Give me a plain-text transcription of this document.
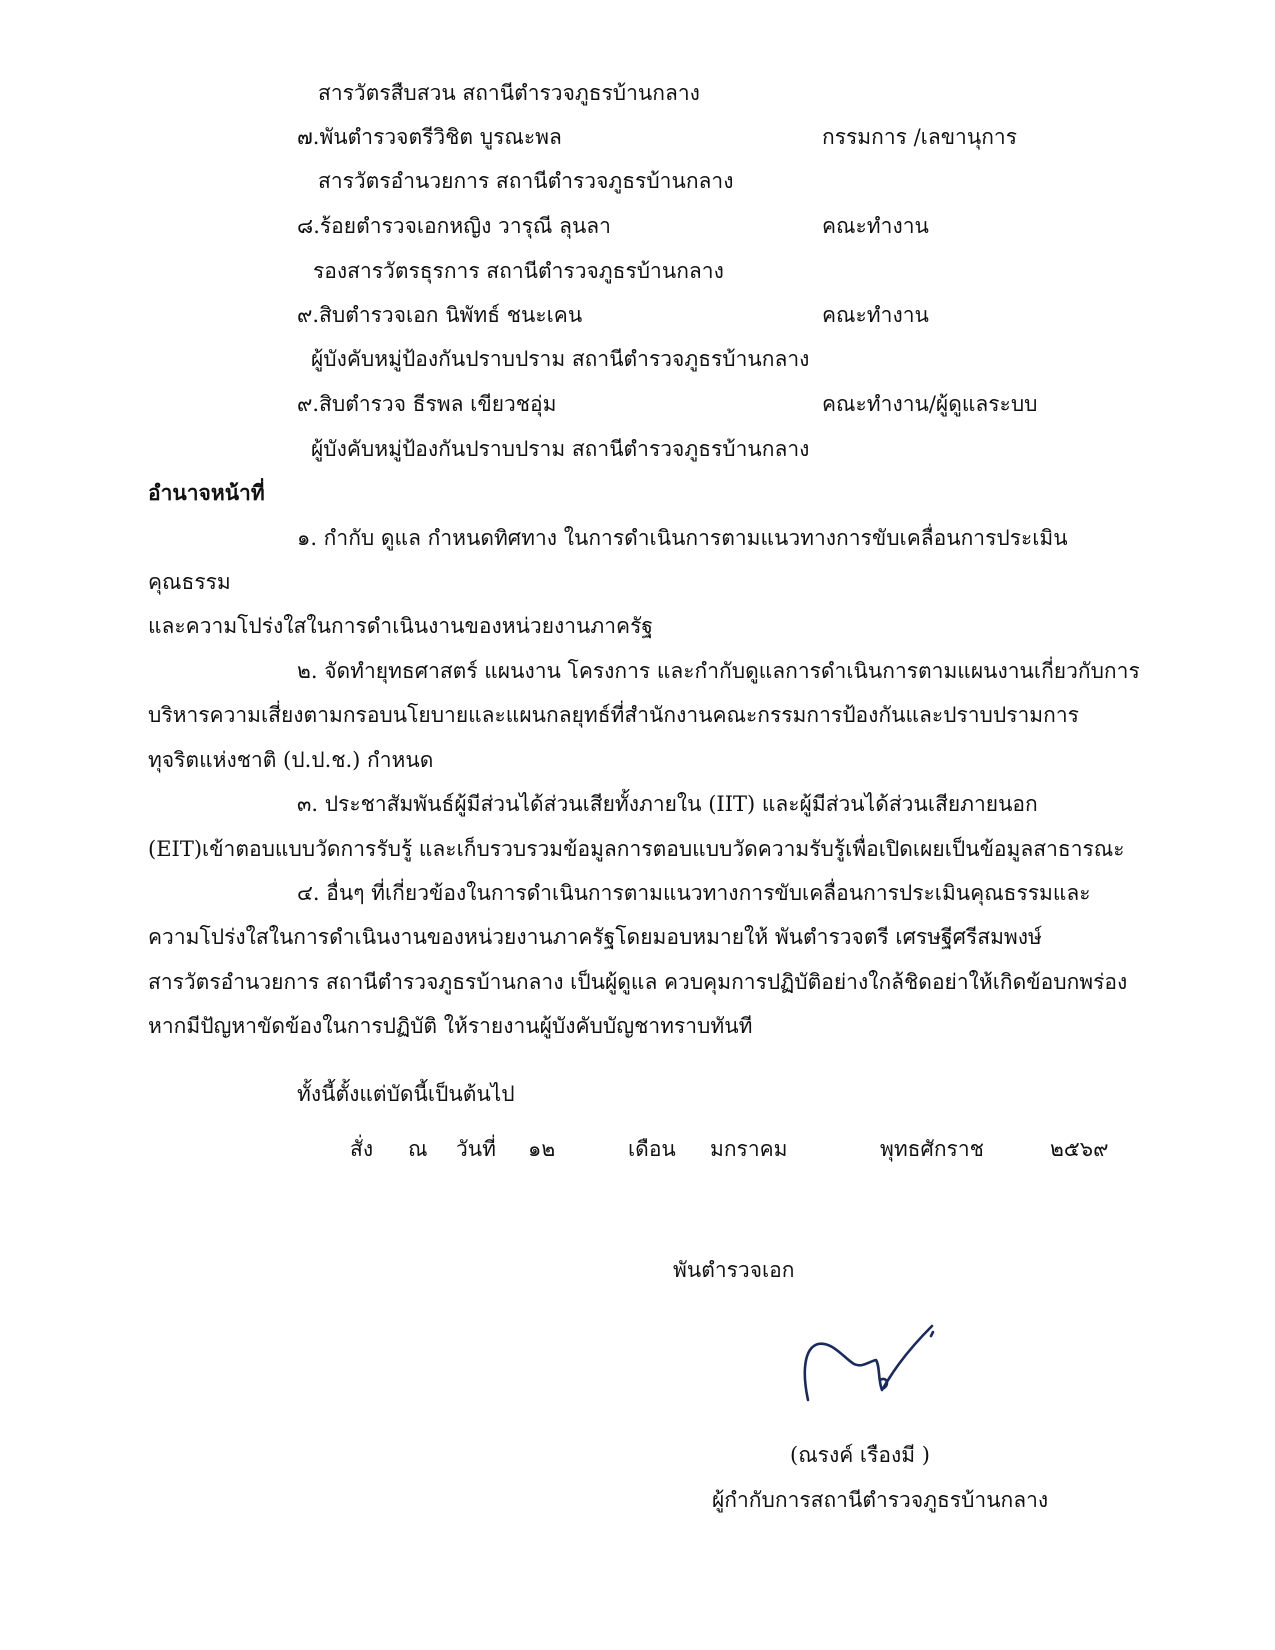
สารวัตรสืบสวน สถานีตำรวจภูธรบ้านกลาง
๗.พันตำรวจตรีวิชิต บูรณะพล	กรรมการ /เลขานุการ
สารวัตรอำนวยการ สถานีตำรวจภูธรบ้านกลาง
๘.ร้อยตำรวจเอกหญิง วารุณี ลุนลา	คณะทำงาน
รองสารวัตรธุรการ สถานีตำรวจภูธรบ้านกลาง
๙.สิบตำรวจเอก นิพัทธ์ ชนะเคน	คณะทำงาน
ผู้บังคับหมู่ป้องกันปราบปราม สถานีตำรวจภูธรบ้านกลาง
๙.สิบตำรวจ ธีรพล เขียวชอุ่ม	คณะทำงาน/ผู้ดูแลระบบ
ผู้บังคับหมู่ป้องกันปราบปราม สถานีตำรวจภูธรบ้านกลาง
อำนาจหน้าที่
๑. กำกับ ดูแล กำหนดทิศทาง ในการดำเนินการตามแนวทางการขับเคลื่อนการประเมิน
คุณธรรม
และความโปร่งใสในการดำเนินงานของหน่วยงานภาครัฐ
๒. จัดทำยุทธศาสตร์ แผนงาน โครงการ และกำกับดูแลการดำเนินการตามแผนงานเกี่ยวกับการ
บริหารความเสี่ยงตามกรอบนโยบายและแผนกลยุทธ์ที่สำนักงานคณะกรรมการป้องกันและปราบปรามการ
ทุจริตแห่งชาติ (ป.ป.ช.) กำหนด
๓. ประชาสัมพันธ์ผู้มีส่วนได้ส่วนเสียทั้งภายใน (IIT) และผู้มีส่วนได้ส่วนเสียภายนอก
(EIT)เข้าตอบแบบวัดการรับรู้ และเก็บรวบรวมข้อมูลการตอบแบบวัดความรับรู้เพื่อเปิดเผยเป็นข้อมูลสาธารณะ
๔. อื่นๆ ที่เกี่ยวข้องในการดำเนินการตามแนวทางการขับเคลื่อนการประเมินคุณธรรมและ
ความโปร่งใสในการดำเนินงานของหน่วยงานภาครัฐโดยมอบหมายให้ พันตำรวจตรี เศรษฐีศรีสมพงษ์
สารวัตรอำนวยการ สถานีตำรวจภูธรบ้านกลาง เป็นผู้ดูแล ควบคุมการปฏิบัติอย่างใกล้ชิดอย่าให้เกิดข้อบกพร่อง
หากมีปัญหาขัดข้องในการปฏิบัติ ให้รายงานผู้บังคับบัญชาทราบทันที
ทั้งนี้ตั้งแต่บัดนี้เป็นต้นไป
สั่ง ณ วันที่ ๑๒	เดือน มกราคม	พุทธศักราช	๒๕๖๙
พันตำรวจเอก
(ณรงค์ เรืองมี )
ผู้กำกับการสถานีตำรวจภูธรบ้านกลาง
